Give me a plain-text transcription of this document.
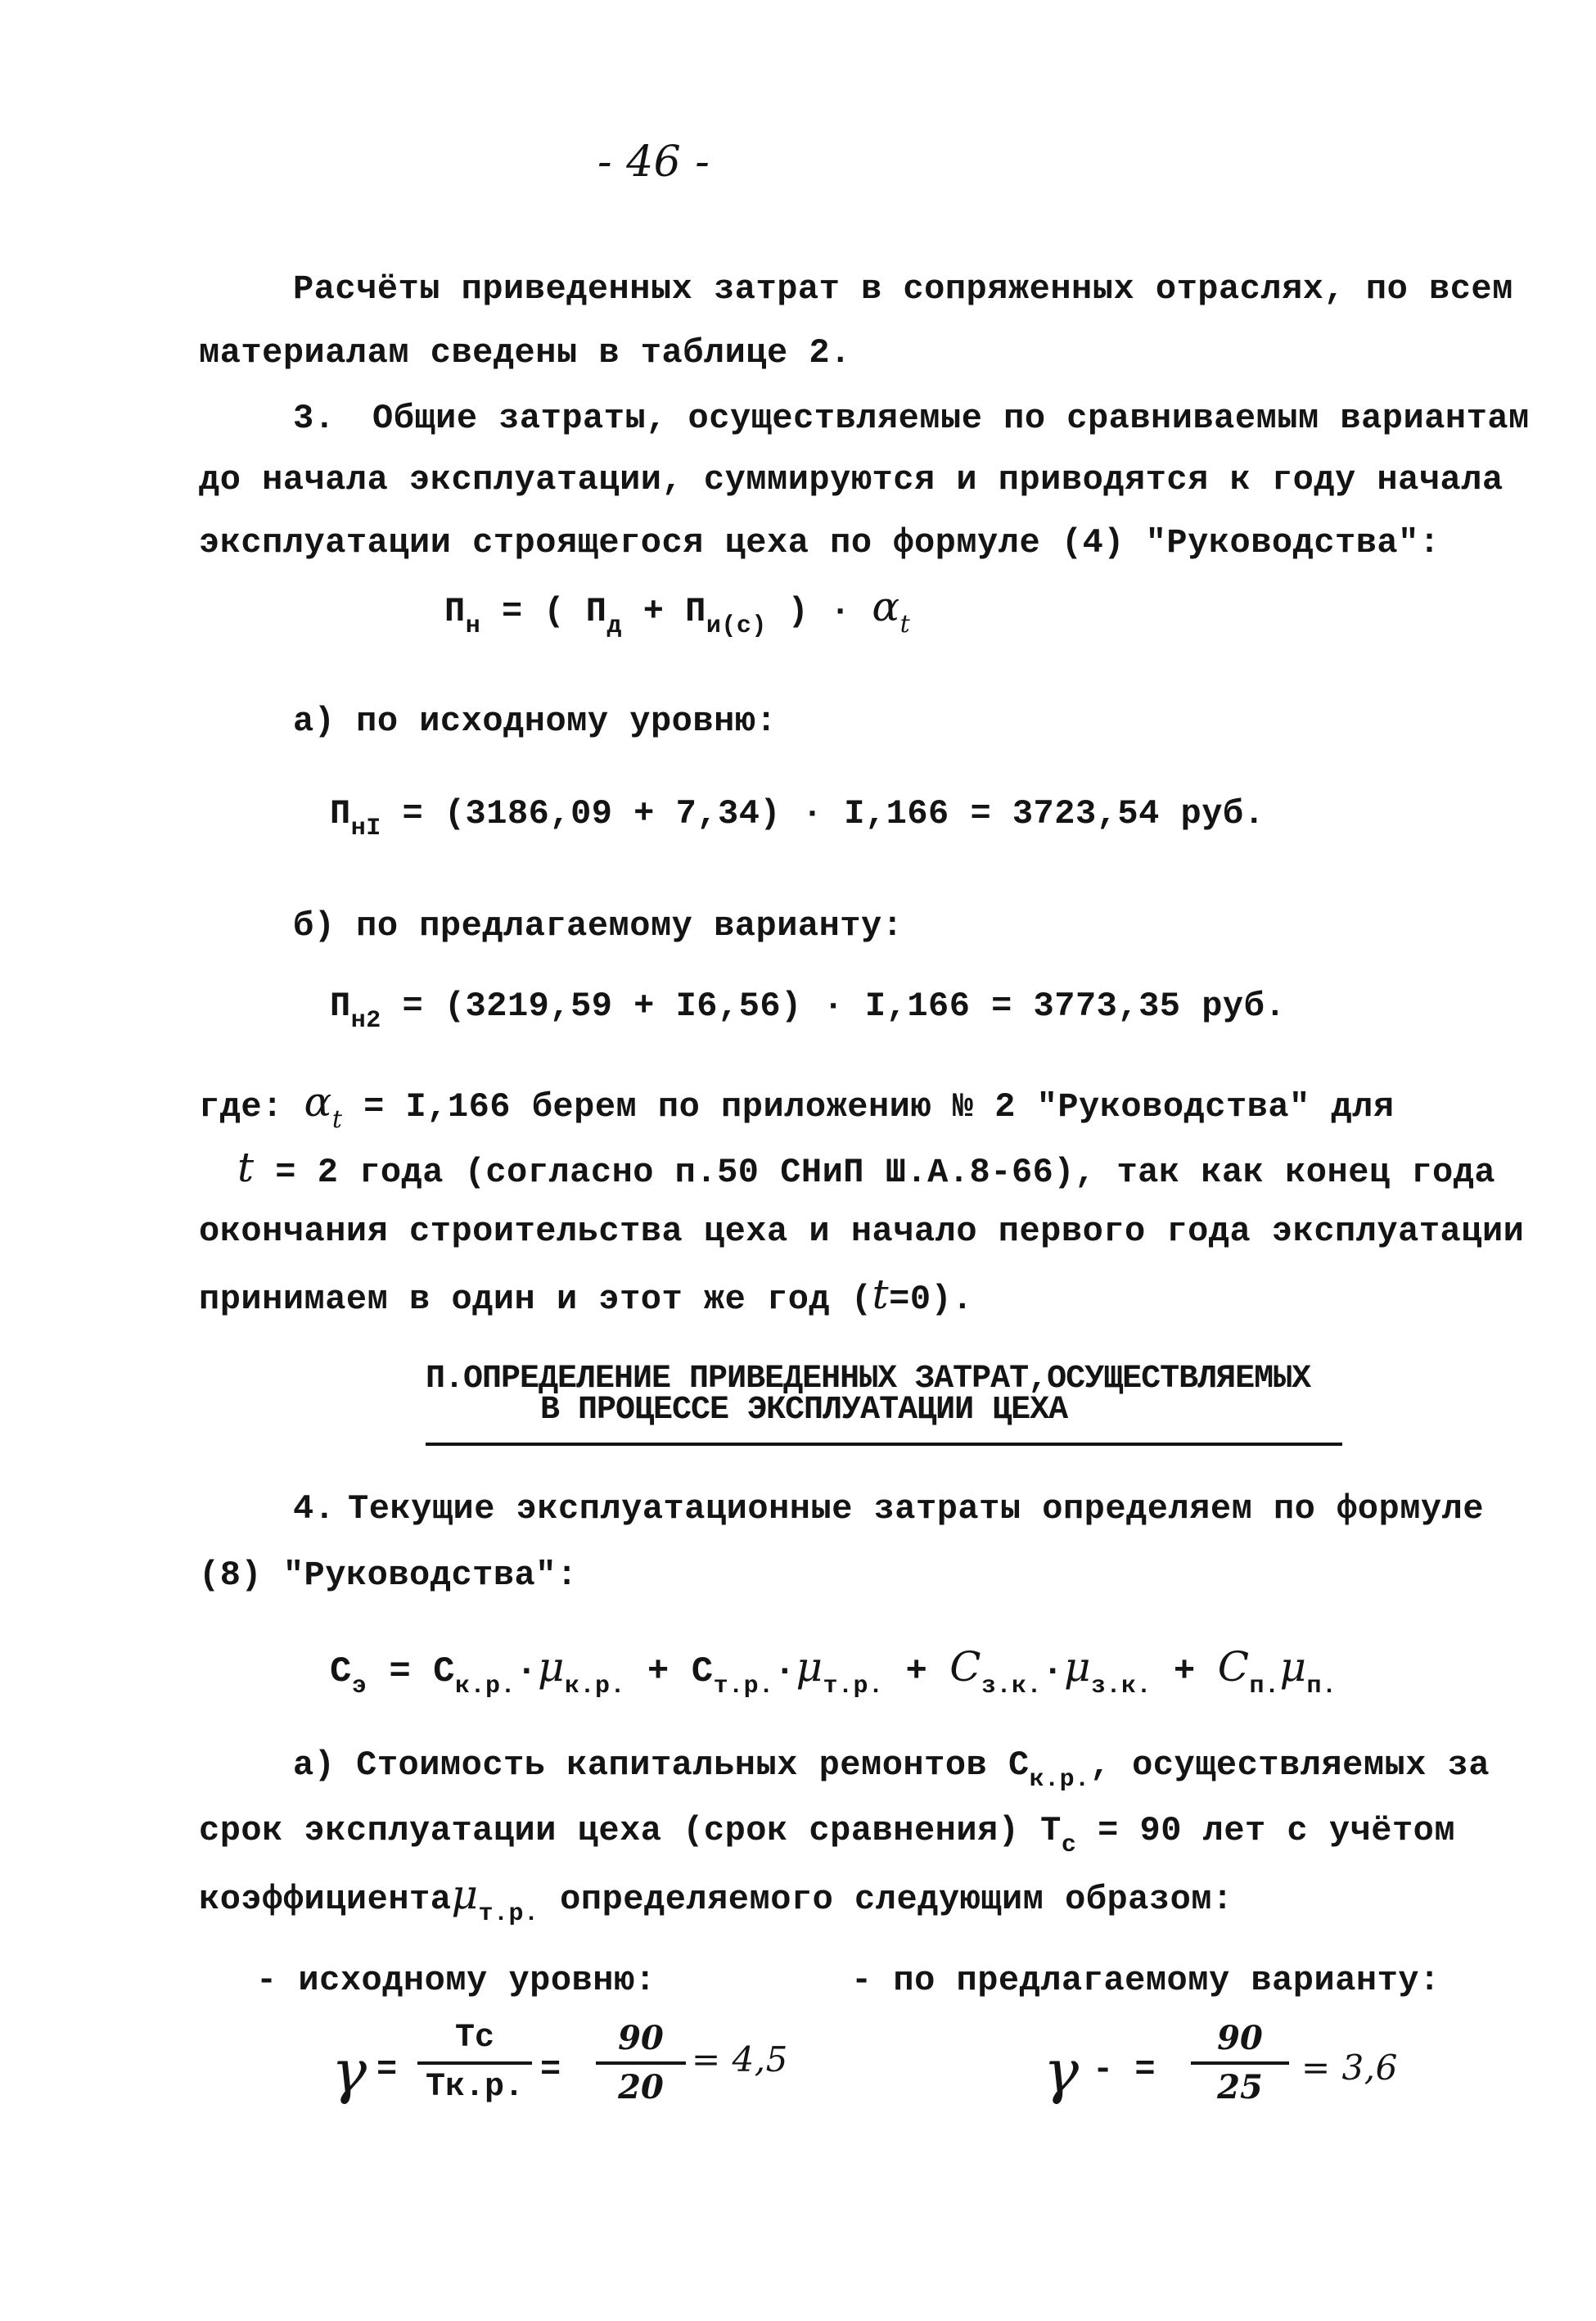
- 46 -
Расчёты приведенных затрат в сопряженных отраслях, по всем
материалам сведены в таблице 2.
3. Общие затраты, осуществляемые по сравниваемым вариантам
до начала эксплуатации, суммируются и приводятся к году начала
эксплуатации строящегося цеха по формуле (4) "Руководства":
$П_н$ = ( $П_д + П_{и(с)}$ ) · $\alpha_t$
а) по исходному уровню:
$П_{нI} = (3186,09 + 7,34) \cdot I,166 = 3723,54$ руб.
б) по предлагаемому варианту:
$П_{н2} = (3219,59 + I6,56) \cdot I,166 = 3773,35$ руб.
где: $\alpha_t = I,166$ берем по приложению № 2 "Руководства" для
t = 2 года (согласно п.50 СНиП Ш.А.8-66), так как конец года
окончания строительства цеха и начало первого года эксплуатации
принимаем в один и этот же год (t=0).
П.ОПРЕДЕЛЕНИЕ ПРИВЕДЕННЫХ ЗАТРАТ,ОСУЩЕСТВЛЯЕМЫХ
В ПРОЦЕССЕ ЭКСПЛУАТАЦИИ ЦЕХА
4. Текущие эксплуатационные затраты определяем по формуле
(8) "Руководства":
$C_э = C_{к.р.}\cdot\mu_{к.р.} + C_{т.р.}\cdot\mu_{т.р.} + C_{з.к.}\cdot\mu_{з.к.} + C_{п.}\mu_{п.}$
а) Стоимость капитальных ремонтов $C_{к.р.}$, осуществляемых за
срок эксплуатации цеха (срок сравнения) $T_с = 90$ лет с учётом
коэффициентаμ$_{т.р.}$ определяемого следующим образом:
- исходному уровню:	- по предлагаемому варианту:
γ =
Tc
Tк.р. =
90
20
= 4,5	γ - =
90
25	= 3,6
